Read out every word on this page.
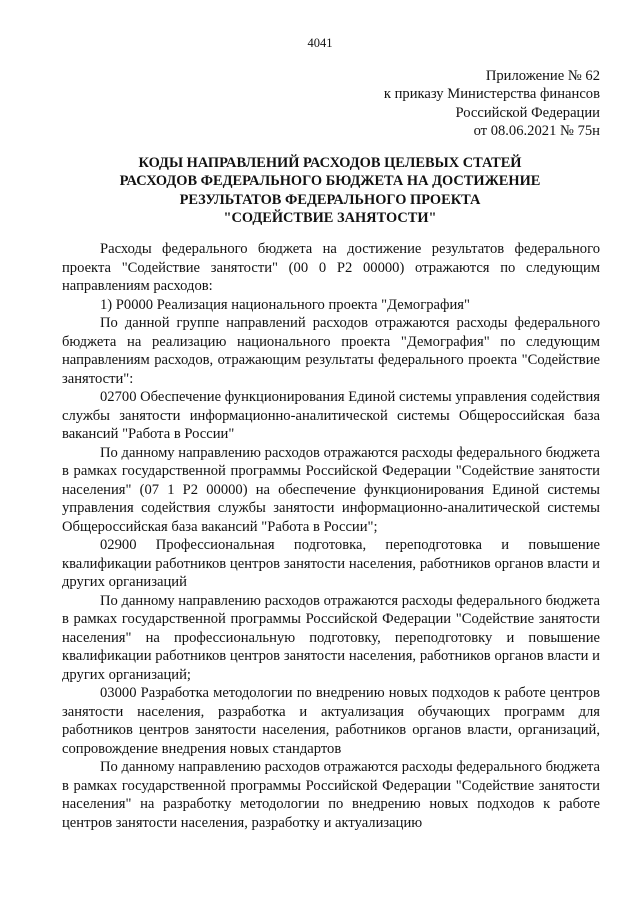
4041
Приложение № 62
к приказу Министерства финансов
Российской Федерации
от 08.06.2021 № 75н
КОДЫ НАПРАВЛЕНИЙ РАСХОДОВ ЦЕЛЕВЫХ СТАТЕЙ
РАСХОДОВ ФЕДЕРАЛЬНОГО БЮДЖЕТА НА ДОСТИЖЕНИЕ
РЕЗУЛЬТАТОВ ФЕДЕРАЛЬНОГО ПРОЕКТА
"СОДЕЙСТВИЕ ЗАНЯТОСТИ"

Расходы федерального бюджета на достижение результатов федерального проекта "Содействие занятости" (00 0 Р2 00000) отражаются по следующим направлениям расходов:

1) Р0000 Реализация национального проекта "Демография"

По данной группе направлений расходов отражаются расходы федерального бюджета на реализацию национального проекта "Демография" по следующим направлениям расходов, отражающим результаты федерального проекта "Содействие занятости":

02700 Обеспечение функционирования Единой системы управления содействия службы занятости информационно-аналитической системы Общероссийская база вакансий "Работа в России"

По данному направлению расходов отражаются расходы федерального бюджета в рамках государственной программы Российской Федерации "Содействие занятости населения" (07 1 Р2 00000) на обеспечение функционирования Единой системы управления содействия службы занятости информационно-аналитической системы Общероссийская база вакансий "Работа в России";

02900 Профессиональная подготовка, переподготовка и повышение квалификации работников центров занятости населения, работников органов власти и других организаций

По данному направлению расходов отражаются расходы федерального бюджета в рамках государственной программы Российской Федерации "Содействие занятости населения" на профессиональную подготовку, переподготовку и повышение квалификации работников центров занятости населения, работников органов власти и других организаций;

03000 Разработка методологии по внедрению новых подходов к работе центров занятости населения, разработка и актуализация обучающих программ для работников центров занятости населения, работников органов власти, организаций, сопровождение внедрения новых стандартов

По данному направлению расходов отражаются расходы федерального бюджета в рамках государственной программы Российской Федерации "Содействие занятости населения" на разработку методологии по внедрению новых подходов к работе центров занятости населения, разработку и актуализацию
